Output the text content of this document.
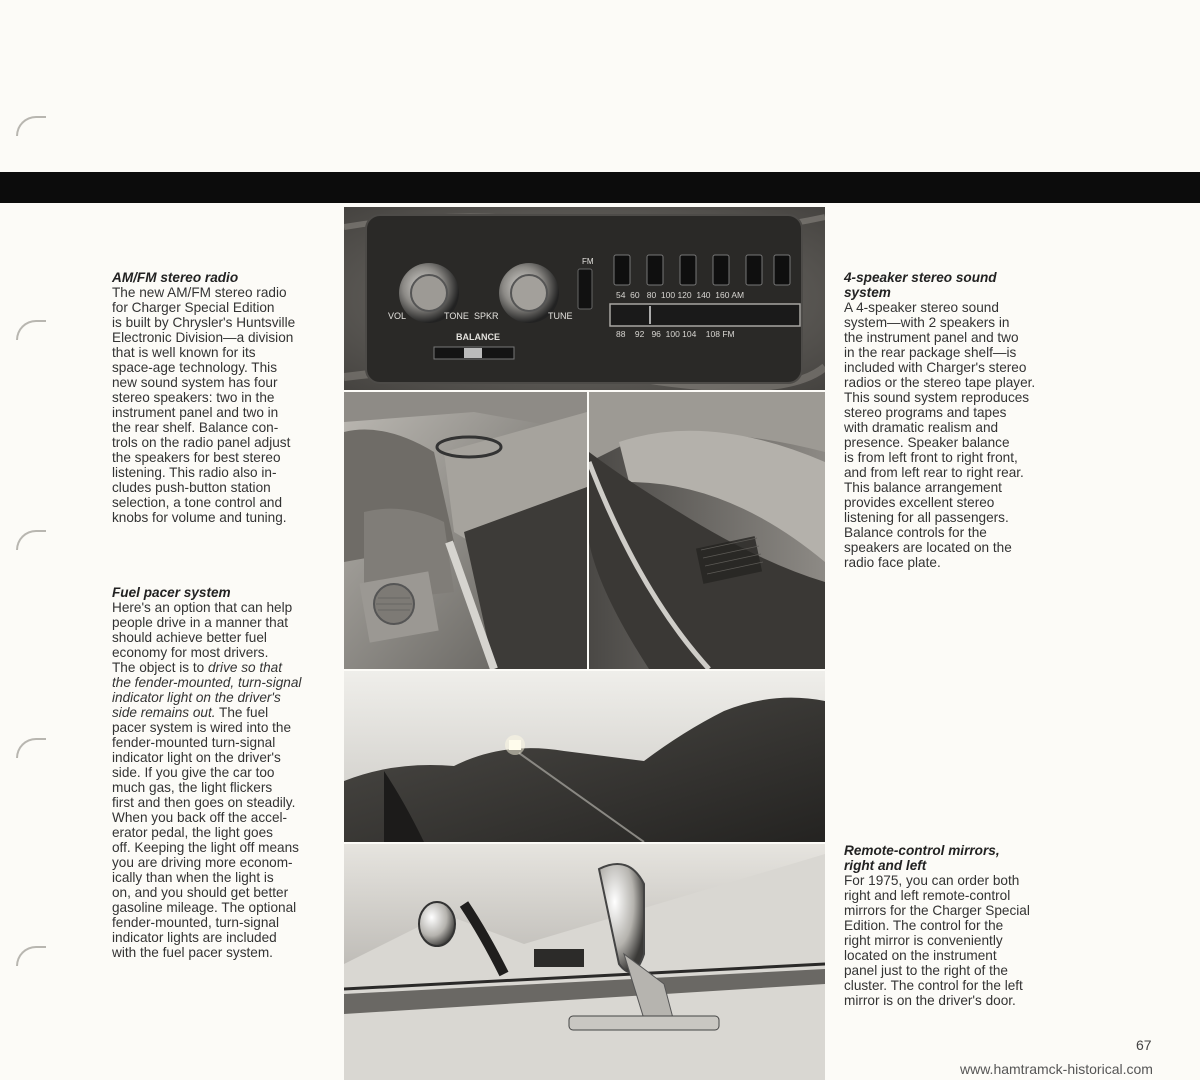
AM/FM stereo radio

The new AM/FM stereo radio
for Charger Special Edition
is built by Chrysler's Huntsville
Electronic Division—a division
that is well known for its
space-age technology. This
new sound system has four
stereo speakers: two in the
instrument panel and two in
the rear shelf. Balance con-
trols on the radio panel adjust
the speakers for best stereo
listening. This radio also in-
cludes push-button station
selection, a tone control and
knobs for volume and tuning.

Fuel pacer system

Here's an option that can help
people drive in a manner that
should achieve better fuel
economy for most drivers.
The object is to drive so that
the fender-mounted, turn-signal
indicator light on the driver's
side remains out. The fuel
pacer system is wired into the
fender-mounted turn-signal
indicator light on the driver's
side. If you give the car too
much gas, the light flickers
first and then goes on steadily.
When you back off the accel-
erator pedal, the light goes
off. Keeping the light off means
you are driving more econom-
ically than when the light is
on, and you should get better
gasoline mileage. The optional
fender-mounted, turn-signal
indicator lights are included
with the fuel pacer system.

4-speaker stereo sound
system

A 4-speaker stereo sound
system—with 2 speakers in
the instrument panel and two
in the rear package shelf—is
included with Charger's stereo
radios or the stereo tape player.
This sound system reproduces
stereo programs and tapes
with dramatic realism and
presence. Speaker balance
is from left front to right front,
and from left rear to right rear.
This balance arrangement
provides excellent stereo
listening for all passengers.
Balance controls for the
speakers are located on the
radio face plate.

Remote-control mirrors,
right and left

For 1975, you can order both
right and left remote-control
mirrors for the Charger Special
Edition. The control for the
right mirror is conveniently
located on the instrument
panel just to the right of the
cluster. The control for the left
mirror is on the driver's door.

VOL	TONE SPKR	TUNE
BALANCE
FM
54  60   80  100 120  140  160 AM
88    92   96  100 104    108 FM
67
www.hamtramck-historical.com
